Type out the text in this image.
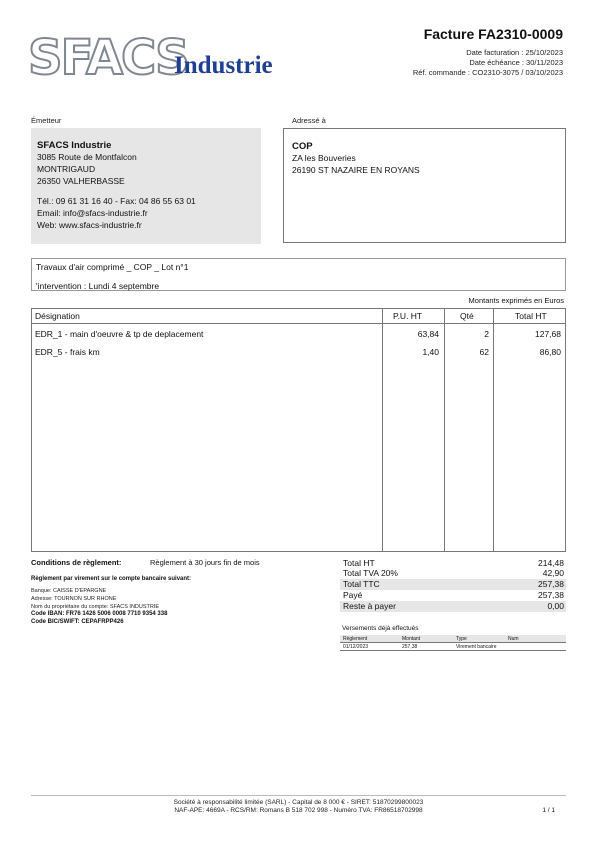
SFACS
Industrie
Facture FA2310-0009
Date facturation : 25/10/2023
Date échéance : 30/11/2023
Réf. commande : CO2310-3075 / 03/10/2023
Émetteur
SFACS Industrie
3085 Route de Montfalcon
MONTRIGAUD
26350 VALHERBASSE
Tél.: 09 61 31 16 40 - Fax: 04 86 55 63 01
Email: info@sfacs-industrie.fr
Web: www.sfacs-industrie.fr
Adressé à
COP
ZA les Bouveries
26190 ST NAZAIRE EN ROYANS
Travaux d'air comprimé _ COP _ Lot n°1
'intervention : Lundi 4 septembre
Montants exprimés en Euros
Désignation	P.U. HT	Qté	Total HT
EDR_1 - main d'oeuvre & tp de deplacement	63,84	2	127,68
EDR_5 - frais km	1,40	62	86,80
Conditions de règlement:	Règlement à 30 jours fin de mois
Règlement par virement sur le compte bancaire suivant:
Banque: CAISSE D'EPARGNE
Adresse: TOURNON SUR RHONE
Nom du propriétaire du compte: SFACS INDUSTRIE
Code IBAN: FR76 1426 5006 0008 7710 9354 338
Code BIC/SWIFT: CEPAFRPP426
Total HT	214,48
Total TVA 20%	42,90
Total TTC	257,38
Payé	257,38
Reste à payer	0,00
Versements déjà effectués
Règlement	Montant	Type	Num
01/12/2023	257,38	Virement bancaire
Société à responsabilité limitée (SARL) - Capital de 8 000 € - SIRET: 51870299800023
NAF-APE: 4669A - RCS/RM: Romans B 518 702 998 - Numéro TVA: FR86518702998	1 / 1
